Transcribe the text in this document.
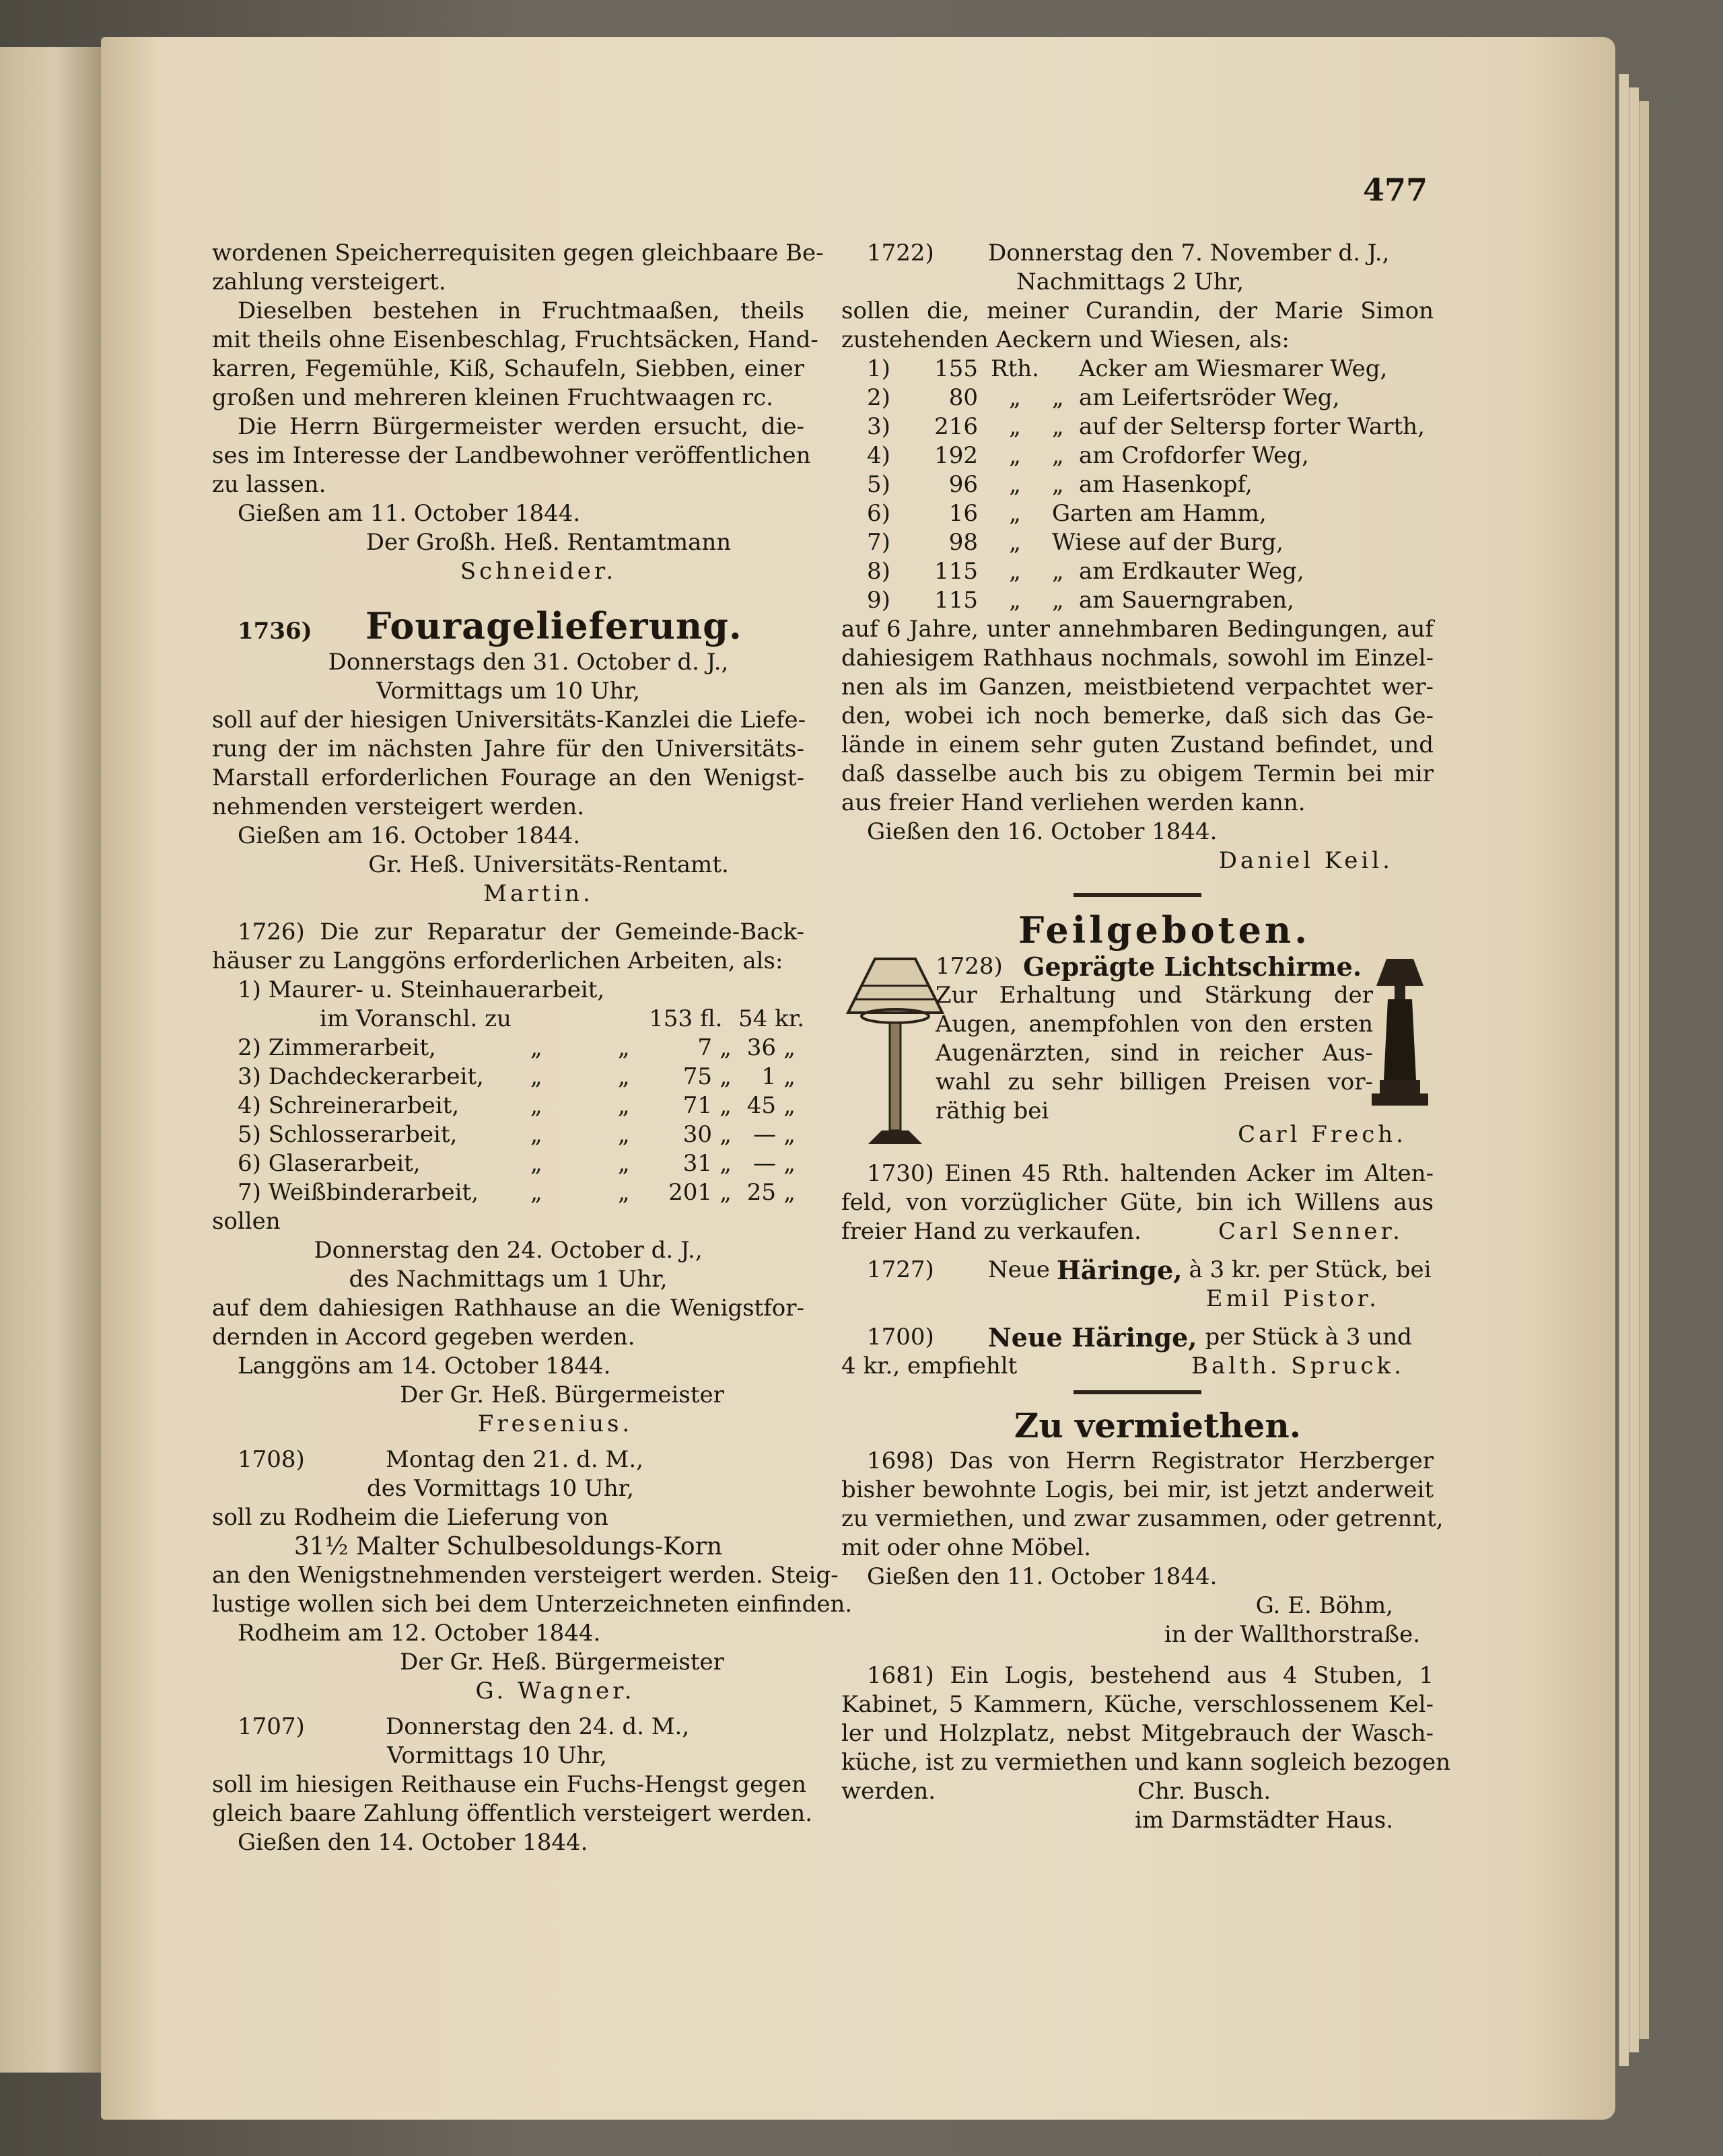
477
wordenen Speicherrequisiten gegen gleichbaare Be-
zahlung versteigert.
Dieselben bestehen in Fruchtmaaßen, theils
mit theils ohne Eisenbeschlag, Fruchtsäcken, Hand-
karren, Fegemühle, Kiß, Schaufeln, Siebben, einer
großen und mehreren kleinen Fruchtwaagen rc.
Die Herrn Bürgermeister werden ersucht, die-
ses im Interesse der Landbewohner veröffentlichen
zu lassen.
Gießen am 11. October 1844.
Der Großh. Heß. Rentamtmann
Schneider.
1736)	Fouragelieferung.
Donnerstags den 31. October d. J.,
Vormittags um 10 Uhr,
soll auf der hiesigen Universitäts-Kanzlei die Liefe-
rung der im nächsten Jahre für den Universitäts-
Marstall erforderlichen Fourage an den Wenigst-
nehmenden versteigert werden.
Gießen am 16. October 1844.
Gr. Heß. Universitäts-Rentamt.
Martin.
1726) Die zur Reparatur der Gemeinde-Back-
häuser zu Langgöns erforderlichen Arbeiten, als:
1) Maurer- u. Steinhauerarbeit,
im Voranschl. zu	153 fl. 54 kr.
2) Zimmerarbeit,	„	„	7 „ 36 „
3) Dachdeckerarbeit,	„	„	75 „	1 „
4) Schreinerarbeit,	„	„	71 „ 45 „
5) Schlosserarbeit,	„	„	30 „ — „
6) Glaserarbeit,	„	„	31 „ — „
7) Weißbinderarbeit,	„	„	201 „ 25 „
sollen
Donnerstag den 24. October d. J.,
des Nachmittags um 1 Uhr,
auf dem dahiesigen Rathhause an die Wenigstfor-
dernden in Accord gegeben werden.
Langgöns am 14. October 1844.
Der Gr. Heß. Bürgermeister
Fresenius.
1708)	Montag den 21. d. M.,
des Vormittags 10 Uhr,
soll zu Rodheim die Lieferung von
31½ Malter Schulbesoldungs-Korn
an den Wenigstnehmenden versteigert werden. Steig-
lustige wollen sich bei dem Unterzeichneten einfinden.
Rodheim am 12. October 1844.
Der Gr. Heß. Bürgermeister
G. Wagner.
1707)	Donnerstag den 24. d. M.,
Vormittags 10 Uhr,
soll im hiesigen Reithause ein Fuchs-Hengst gegen
gleich baare Zahlung öffentlich versteigert werden.
Gießen den 14. October 1844.
1722)	Donnerstag den 7. November d. J.,
Nachmittags 2 Uhr,
sollen die, meiner Curandin, der Marie Simon
zustehenden Aeckern und Wiesen, als:
1)	155 Rth.	Acker am Wiesmarer Weg,
2)	80	„	„ am Leifertsröder Weg,
3)	216	„	„ auf der Seltersp forter Warth,
4)	192	„	„ am Crofdorfer Weg,
5)	96	„	„ am Hasenkopf,
6)	16	„	Garten am Hamm,
7)	98	„	Wiese auf der Burg,
8)	115	„	„ am Erdkauter Weg,
9)	115	„	„ am Sauerngraben,
auf 6 Jahre, unter annehmbaren Bedingungen, auf
dahiesigem Rathhaus nochmals, sowohl im Einzel-
nen als im Ganzen, meistbietend verpachtet wer-
den, wobei ich noch bemerke, daß sich das Ge-
lände in einem sehr guten Zustand befindet, und
daß dasselbe auch bis zu obigem Termin bei mir
aus freier Hand verliehen werden kann.
Gießen den 16. October 1844.
Daniel Keil.
Feilgeboten.
1728) Geprägte Lichtschirme.
Zur Erhaltung und Stärkung der
Augen, anempfohlen von den ersten
Augenärzten, sind in reicher Aus-
wahl zu sehr billigen Preisen vor-
räthig bei
Carl Frech.
1730) Einen 45 Rth. haltenden Acker im Alten-
feld, von vorzüglicher Güte, bin ich Willens aus
freier Hand zu verkaufen.	Carl Senner.
1727)	Neue Häringe, à 3 kr. per Stück, bei
Emil Pistor.
1700)	Neue Häringe, per Stück à 3 und
4 kr., empfiehlt	Balth. Spruck.
Zu vermiethen.
1698) Das von Herrn Registrator Herzberger
bisher bewohnte Logis, bei mir, ist jetzt anderweit
zu vermiethen, und zwar zusammen, oder getrennt,
mit oder ohne Möbel.
Gießen den 11. October 1844.
G. E. Böhm,
in der Wallthorstraße.
1681) Ein Logis, bestehend aus 4 Stuben, 1
Kabinet, 5 Kammern, Küche, verschlossenem Kel-
ler und Holzplatz, nebst Mitgebrauch der Wasch-
küche, ist zu vermiethen und kann sogleich bezogen
werden.	Chr. Busch.
im Darmstädter Haus.
